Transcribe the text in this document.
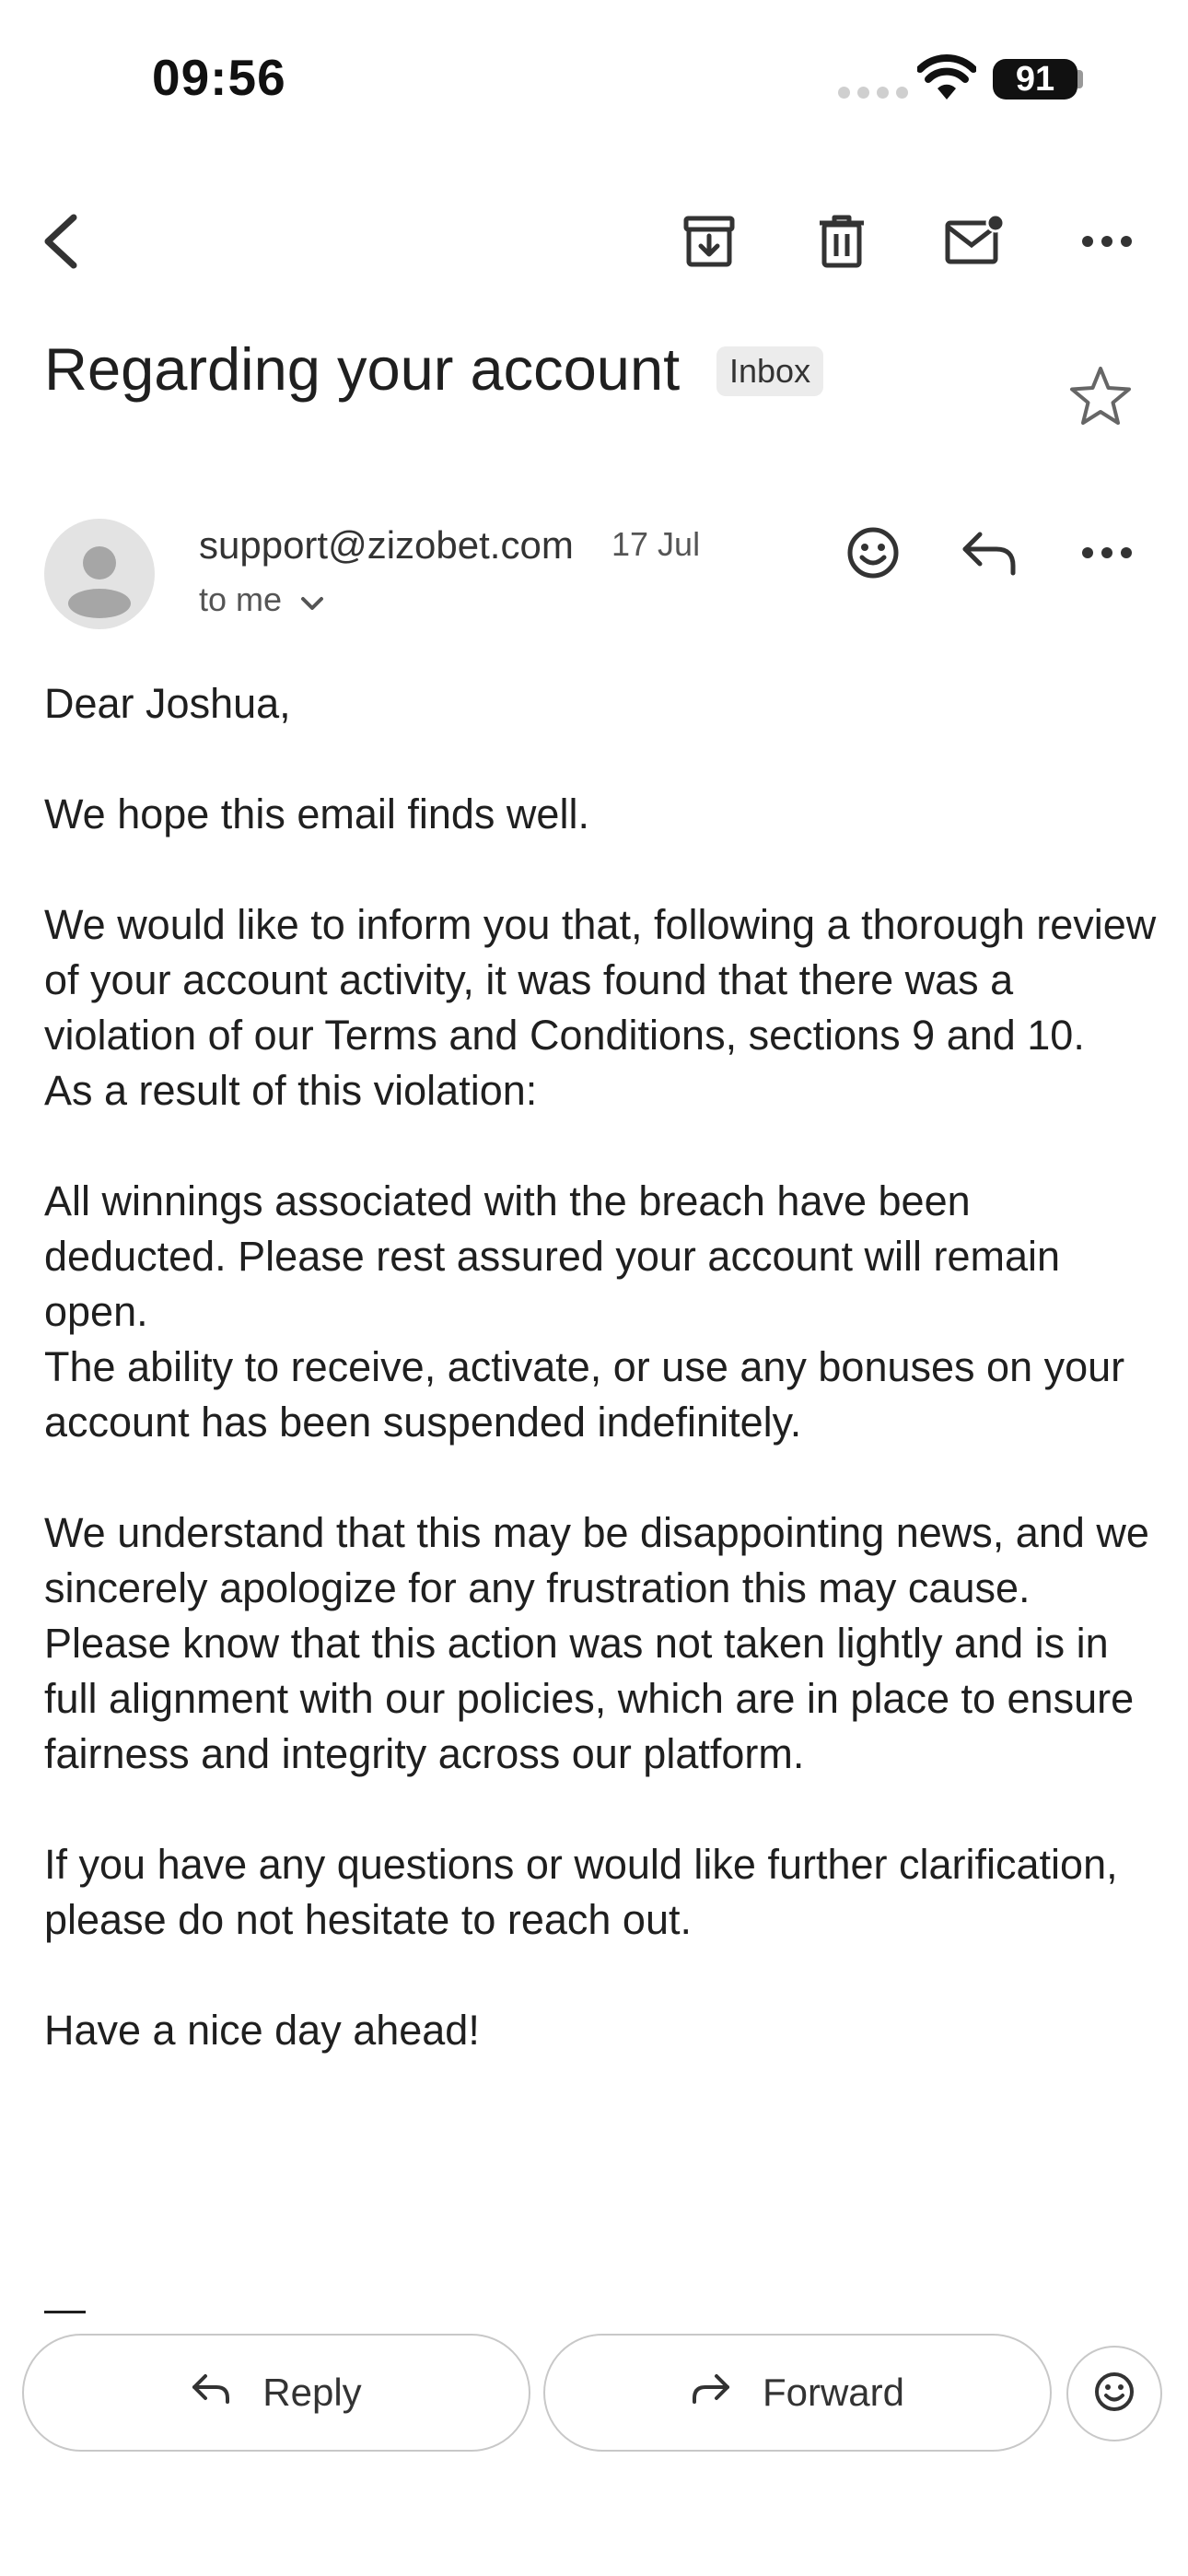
09:56	91
Regarding your account	Inbox
support@zizobet.com 17 Jul
to me

Dear Joshua,

We hope this email finds well.

We would like to inform you that, following a thorough review of your account activity, it was found that there was a violation of our Terms and Conditions, sections 9 and 10.

As a result of this violation:

All winnings associated with the breach have been deducted. Please rest assured your account will remain open.

The ability to receive, activate, or use any bonuses on your account has been suspended indefinitely.

We understand that this may be disappointing news, and we sincerely apologize for any frustration this may cause.

Please know that this action was not taken lightly and is in full alignment with our policies, which are in place to ensure fairness and integrity across our platform.

If you have any questions or would like further clarification, please do not hesitate to reach out.

Have a nice day ahead!

—
Reply	Forward
